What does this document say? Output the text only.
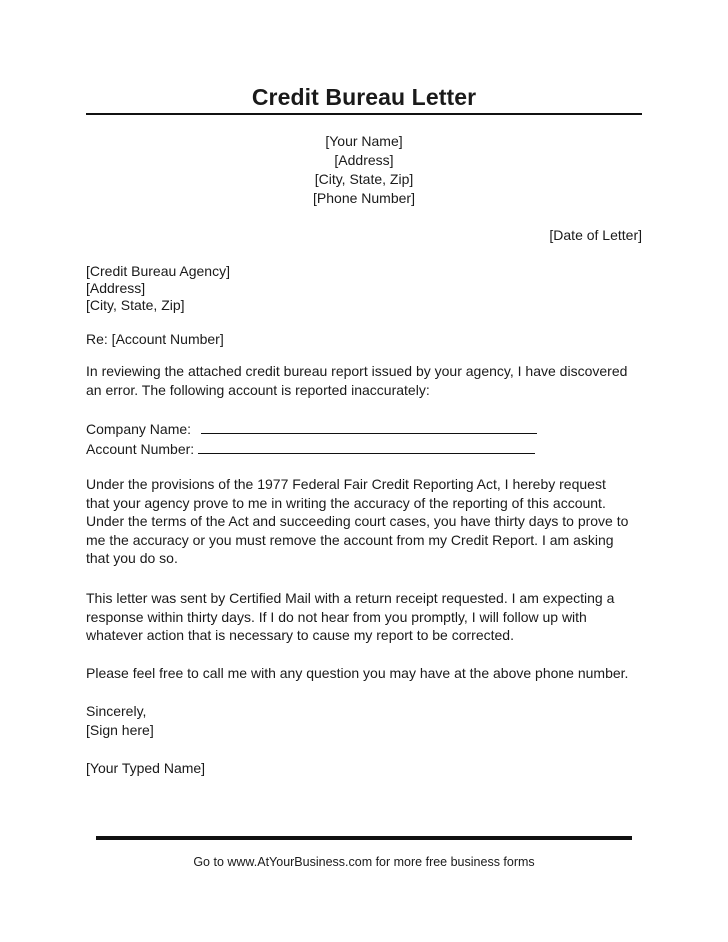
Credit Bureau Letter
[Your Name]
[Address]
[City, State, Zip]
[Phone Number]
[Date of Letter]
[Credit Bureau Agency]
[Address]
[City, State, Zip]
Re: [Account Number]
In reviewing the attached credit bureau report issued by your agency, I have discovered
an error. The following account is reported inaccurately:
Company Name:
Account Number:
Under the provisions of the 1977 Federal Fair Credit Reporting Act, I hereby request
that your agency prove to me in writing the accuracy of the reporting of this account.
Under the terms of the Act and succeeding court cases, you have thirty days to prove to
me the accuracy or you must remove the account from my Credit Report. I am asking
that you do so.
This letter was sent by Certified Mail with a return receipt requested. I am expecting a
response within thirty days. If I do not hear from you promptly, I will follow up with
whatever action that is necessary to cause my report to be corrected.
Please feel free to call me with any question you may have at the above phone number.
Sincerely,
[Sign here]
[Your Typed Name]
Go to www.AtYourBusiness.com for more free business forms
